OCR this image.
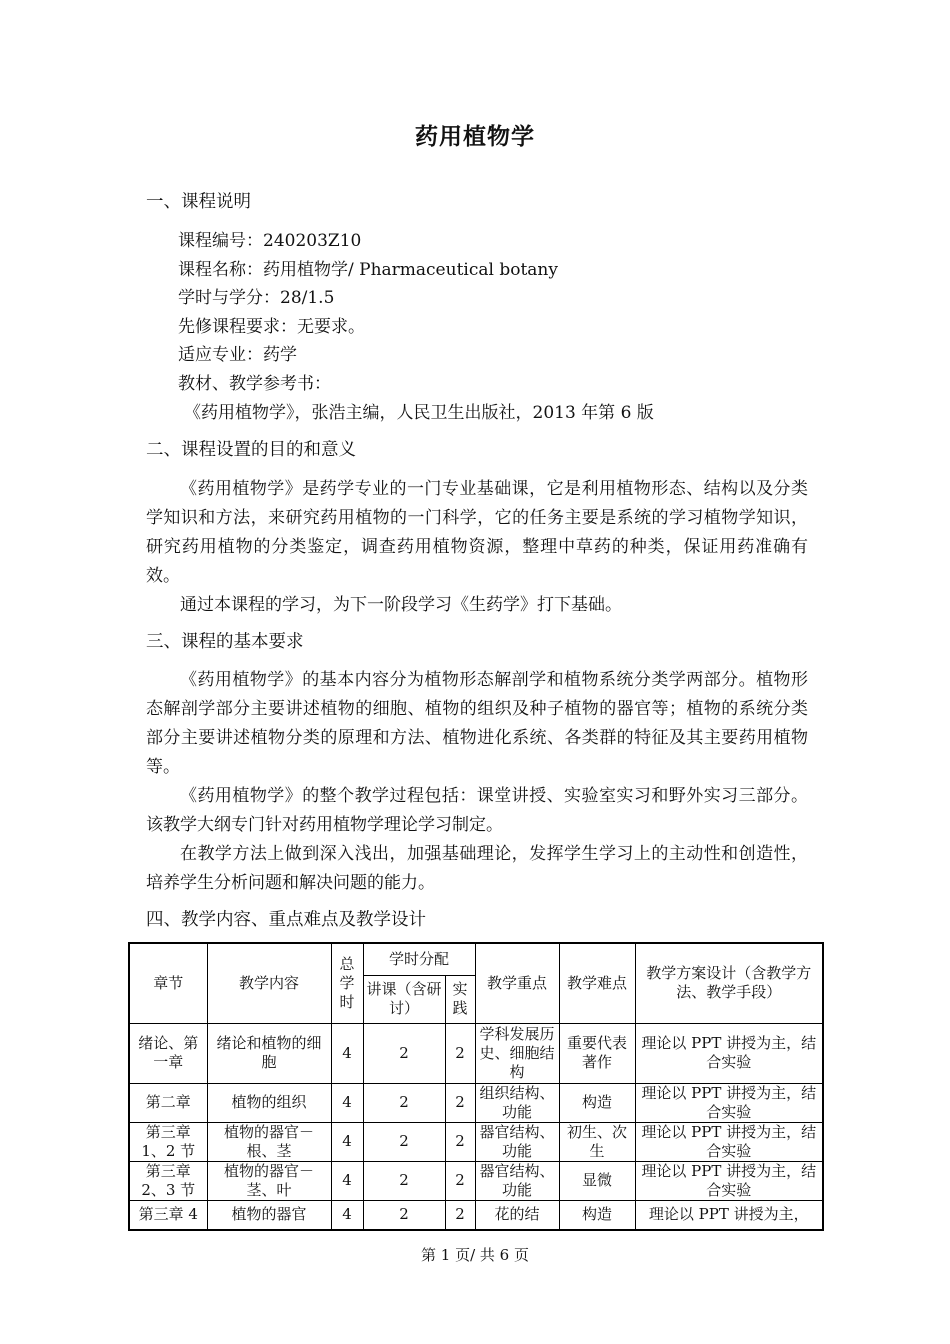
药用植物学
一、课程说明
课程编号：240203Z10
课程名称：药用植物学/ Pharmaceutical botany
学时与学分：28/1.5
先修课程要求：无要求。
适应专业：药学
教材、教学参考书：
《药用植物学》，张浩主编，人民卫生出版社，2013 年第 6 版
二、课程设置的目的和意义

《药用植物学》是药学专业的一门专业基础课，它是利用植物形态、结构以及分类学知识和方法，来研究药用植物的一门科学，它的任务主要是系统的学习植物学知识，研究药用植物的分类鉴定，调查药用植物资源，整理中草药的种类，保证用药准确有效。

通过本课程的学习，为下一阶段学习《生药学》打下基础。

三、课程的基本要求

《药用植物学》的基本内容分为植物形态解剖学和植物系统分类学两部分。植物形态解剖学部分主要讲述植物的细胞、植物的组织及种子植物的器官等；植物的系统分类部分主要讲述植物分类的原理和方法、植物进化系统、各类群的特征及其主要药用植物等。

《药用植物学》的整个教学过程包括：课堂讲授、实验室实习和野外实习三部分。该教学大纲专门针对药用植物学理论学习制定。

在教学方法上做到深入浅出，加强基础理论，发挥学生学习上的主动性和创造性，培养学生分析问题和解决问题的能力。

四、教学内容、重点难点及教学设计
章节	教学内容	总学时	学时分配		教学重点	教学难点	教学方案设计（含教学方法、教学手段）
			讲课（含研讨）	实践			
绪论、第一章	绪论和植物的细胞	4	2	2	学科发展历史、细胞结构	重要代表著作	理论以 PPT 讲授为主，结合实验
第二章	植物的组织	4	2	2	组织结构、功能	构造	理论以 PPT 讲授为主，结合实验
第三章 1、2 节	植物的器官－根、茎	4	2	2	器官结构、功能	初生、次生	理论以 PPT 讲授为主，结合实验
第三章 2、3 节	植物的器官－茎、叶	4	2	2	器官结构、功能	显微	理论以 PPT 讲授为主，结合实验
第三章 4	植物的器官	4	2	2	花的结	构造	理论以 PPT 讲授为主，
第 1 页/ 共 6 页
